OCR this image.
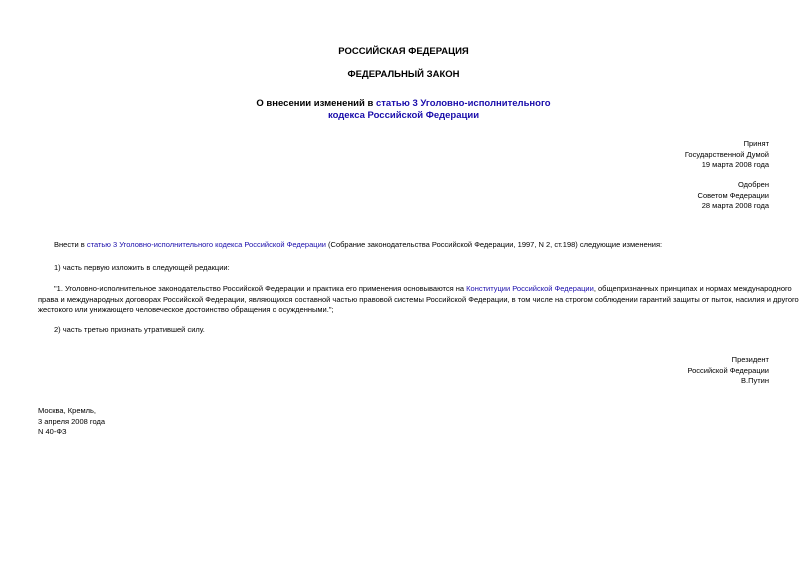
РОССИЙСКАЯ ФЕДЕРАЦИЯ
ФЕДЕРАЛЬНЫЙ ЗАКОН
О внесении изменений в статью 3 Уголовно-исполнительного
кодекса Российской Федерации
Принят
Государственной Думой
19 марта 2008 года
Одобрен
Советом Федерации
28 марта 2008 года
Внести в статью 3 Уголовно-исполнительного кодекса Российской Федерации (Собрание законодательства Российской Федерации, 1997, N 2, ст.198) следующие изменения:
1) часть первую изложить в следующей редакции:
"1. Уголовно-исполнительное законодательство Российской Федерации и практика его применения основываются на Конституции Российской Федерации, общепризнанных принципах и нормах международного
права и международных договорах Российской Федерации, являющихся составной частью правовой системы Российской Федерации, в том числе на строгом соблюдении гарантий защиты от пыток, насилия и другого
жестокого или унижающего человеческое достоинство обращения с осужденными.";
2) часть третью признать утратившей силу.
Президент
Российской Федерации
В.Путин
Москва, Кремль,
3 апреля 2008 года
N 40-ФЗ
